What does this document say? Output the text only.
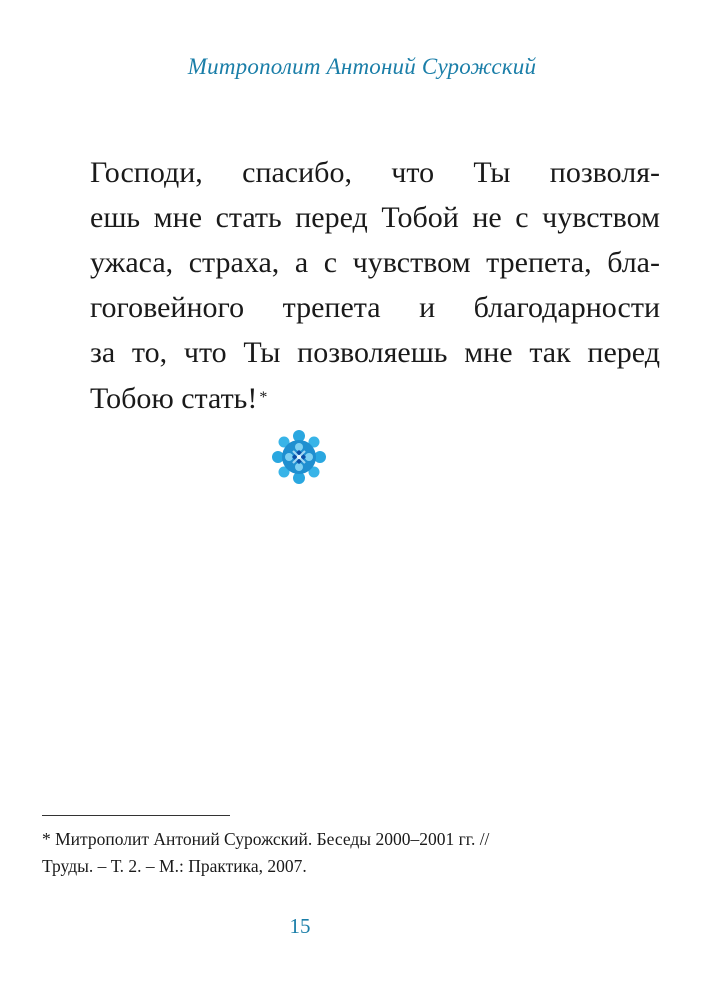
Митрополит Антоний Сурожский
Господи, спасибо, что Ты позволя-
ешь мне стать перед Тобой не с чувством
ужаса, страха, а с чувством трепета, бла-
гоговейного трепета и благодарности
за то, что Ты позволяешь мне так перед
Тобою стать! *
* Митрополит Антоний Сурожский. Беседы 2000–2001 гг. //
Труды. – Т. 2. – М.: Практика, 2007.
15
